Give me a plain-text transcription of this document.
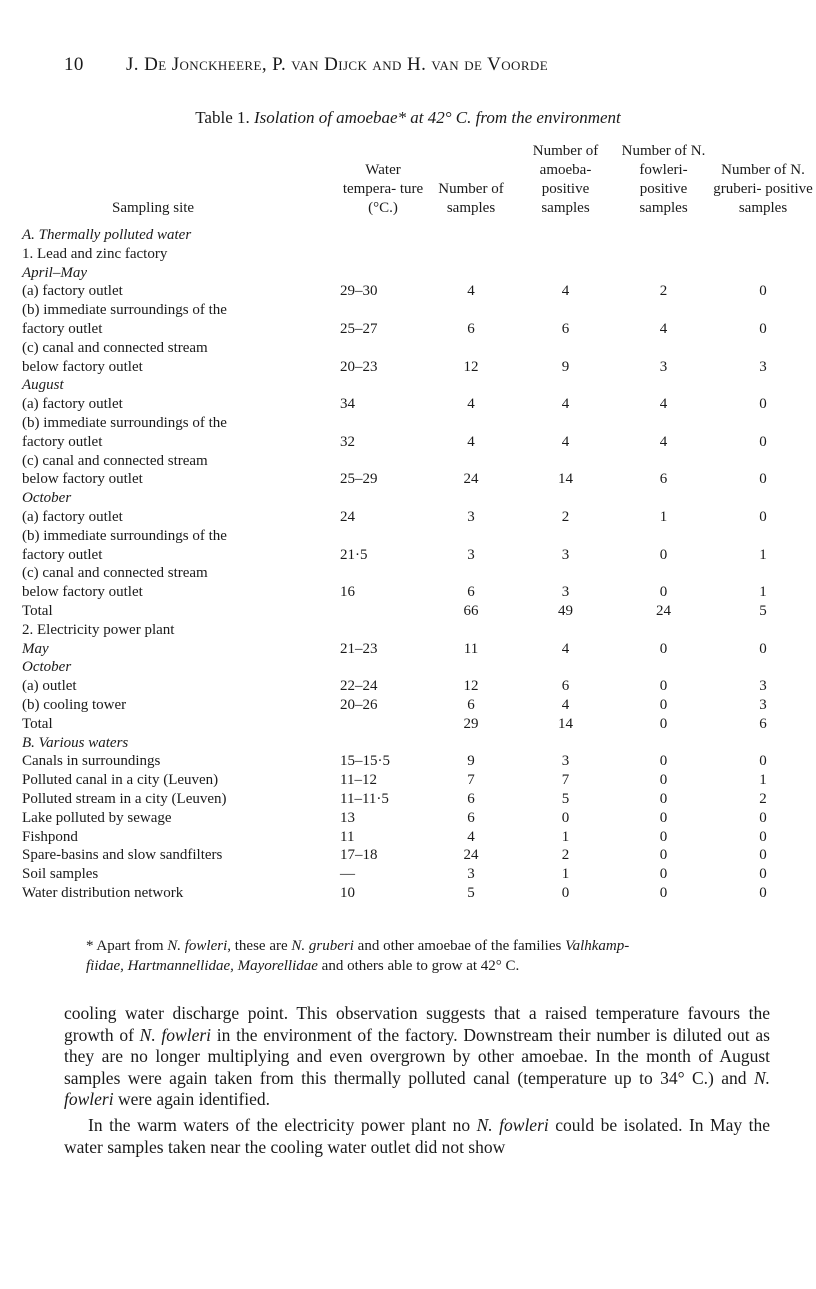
10 J. De Jonckheere, P. van Dijck and H. van de Voorde
Table 1. Isolation of amoebae* at 42° C. from the environment
Sampling site	Water tempera- ture (°C.)	Number of samples	Number of amoeba- positive samples	Number of N. fowleri- positive samples	Number of N. gruberi- positive samples
A. Thermally polluted water					
1. Lead and zinc factory					
April–May					
(a) factory outlet	29–30	4	4	2	0
(b) immediate surroundings of the					
factory outlet	25–27	6	6	4	0
(c) canal and connected stream					
below factory outlet	20–23	12	9	3	3
August					
(a) factory outlet	34	4	4	4	0
(b) immediate surroundings of the					
factory outlet	32	4	4	4	0
(c) canal and connected stream					
below factory outlet	25–29	24	14	6	0
October					
(a) factory outlet	24	3	2	1	0
(b) immediate surroundings of the					
factory outlet	21·5	3	3	0	1
(c) canal and connected stream					
below factory outlet	16	6	3	0	1
Total		66	49	24	5
2. Electricity power plant					
May	21–23	11	4	0	0
October					
(a) outlet	22–24	12	6	0	3
(b) cooling tower	20–26	6	4	0	3
Total		29	14	0	6
B. Various waters					
Canals in surroundings	15–15·5	9	3	0	0
Polluted canal in a city (Leuven)	11–12	7	7	0	1
Polluted stream in a city (Leuven)	11–11·5	6	5	0	2
Lake polluted by sewage	13	6	0	0	0
Fishpond	11	4	1	0	0
Spare-basins and slow sandfilters	17–18	24	2	0	0
Soil samples	—	3	1	0	0
Water distribution network	10	5	0	0	0
* Apart from N. fowleri, these are N. gruberi and other amoebae of the families Valhkamp-
fiidae, Hartmannellidae, Mayorellidae and others able to grow at 42° C.

cooling water discharge point. This observation suggests that a raised temperature favours the growth of N. fowleri in the environment of the factory. Downstream their number is diluted out as they are no longer multiplying and even overgrown by other amoebae. In the month of August samples were again taken from this thermally polluted canal (temperature up to 34° C.) and N. fowleri were again identified.

In the warm waters of the electricity power plant no N. fowleri could be isolated. In May the water samples taken near the cooling water outlet did not show
